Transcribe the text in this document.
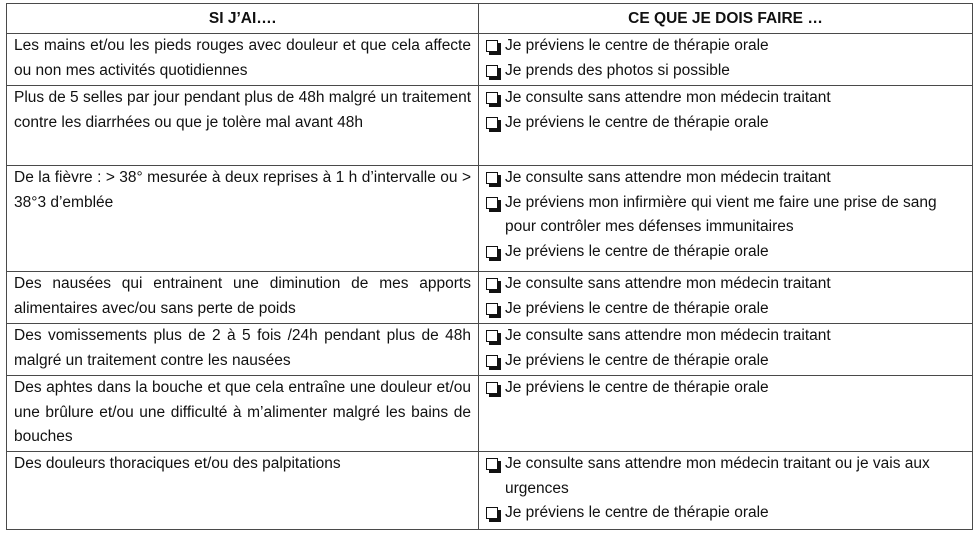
SI J’AI….	CE QUE JE DOIS FAIRE …
Les mains et/ou les pieds rouges avec douleur et que cela affecte ou non mes activités quotidiennes	Je préviens le centre de thérapie orale
Je prends des photos si possible

Plus de 5 selles par jour pendant plus de 48h malgré un traitement contre les diarrhées ou que je tolère mal avant 48h	Je consulte sans attendre mon médecin traitant
Je préviens le centre de thérapie orale

De la fièvre : > 38° mesurée à deux reprises à 1 h d’intervalle ou > 38°3 d’emblée	Je consulte sans attendre mon médecin traitant
Je préviens mon infirmière qui vient me faire une prise de sang pour contrôler mes défenses immunitaires
Je préviens le centre de thérapie orale

Des nausées qui entrainent une diminution de mes apports alimentaires avec/ou sans perte de poids	Je consulte sans attendre mon médecin traitant
Je préviens le centre de thérapie orale

Des vomissements plus de 2 à 5 fois /24h pendant plus de 48h malgré un traitement contre les nausées	Je consulte sans attendre mon médecin traitant
Je préviens le centre de thérapie orale

Des aphtes dans la bouche et que cela entraîne une douleur et/ou une brûlure et/ou une difficulté à m’alimenter malgré les bains de bouches	Je préviens le centre de thérapie orale

Des douleurs thoraciques et/ou des palpitations	Je consulte sans attendre mon médecin traitant ou je vais aux urgences
Je préviens le centre de thérapie orale
